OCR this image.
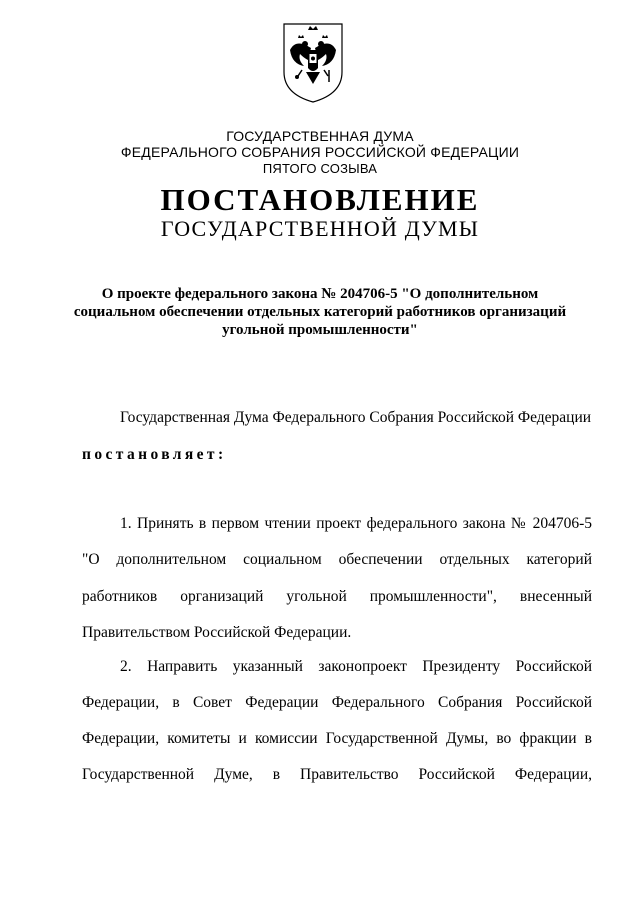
ГОСУДАРСТВЕННАЯ ДУМА
ФЕДЕРАЛЬНОГО СОБРАНИЯ РОССИЙСКОЙ ФЕДЕРАЦИИ
ПЯТОГО СОЗЫВА
ПОСТАНОВЛЕНИЕ
ГОСУДАРСТВЕННОЙ ДУМЫ
О проекте федерального закона № 204706-5 "О дополнительном
социальном обеспечении отдельных категорий работников организаций
угольной промышленности"
Государственная Дума Федерального Собрания Российской Федерации
постановляет:
1. Принять в первом чтении проект федерального закона № 204706-5
"О дополнительном социальном обеспечении отдельных категорий
работников организаций угольной промышленности", внесенный
Правительством Российской Федерации.
2. Направить указанный законопроект Президенту Российской
Федерации, в Совет Федерации Федерального Собрания Российской
Федерации, комитеты и комиссии Государственной Думы, во фракции в
Государственной Думе, в Правительство Российской Федерации,
